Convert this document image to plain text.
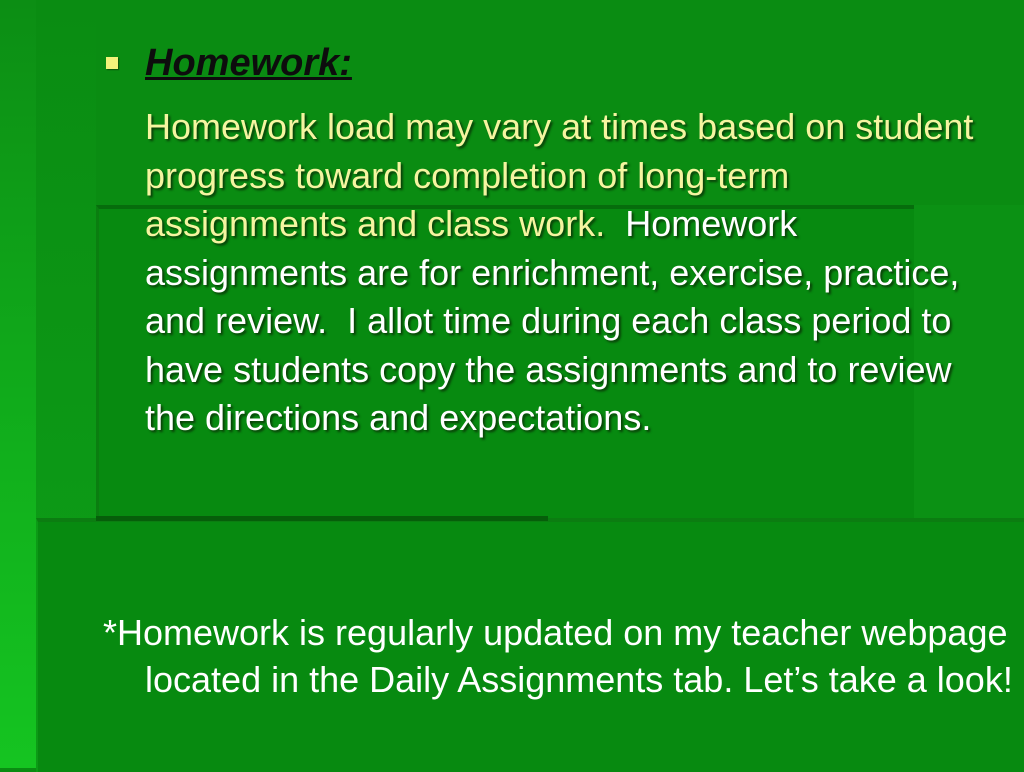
Homework:

Homework load may vary at times based on student progress toward completion of long-term assignments and class work.  Homework assignments are for enrichment, exercise, practice, and review.  I allot time during each class period to have students copy the assignments and to review the directions and expectations.

*Homework is regularly updated on my teacher webpage located in the Daily Assignments tab. Let’s take a look!
